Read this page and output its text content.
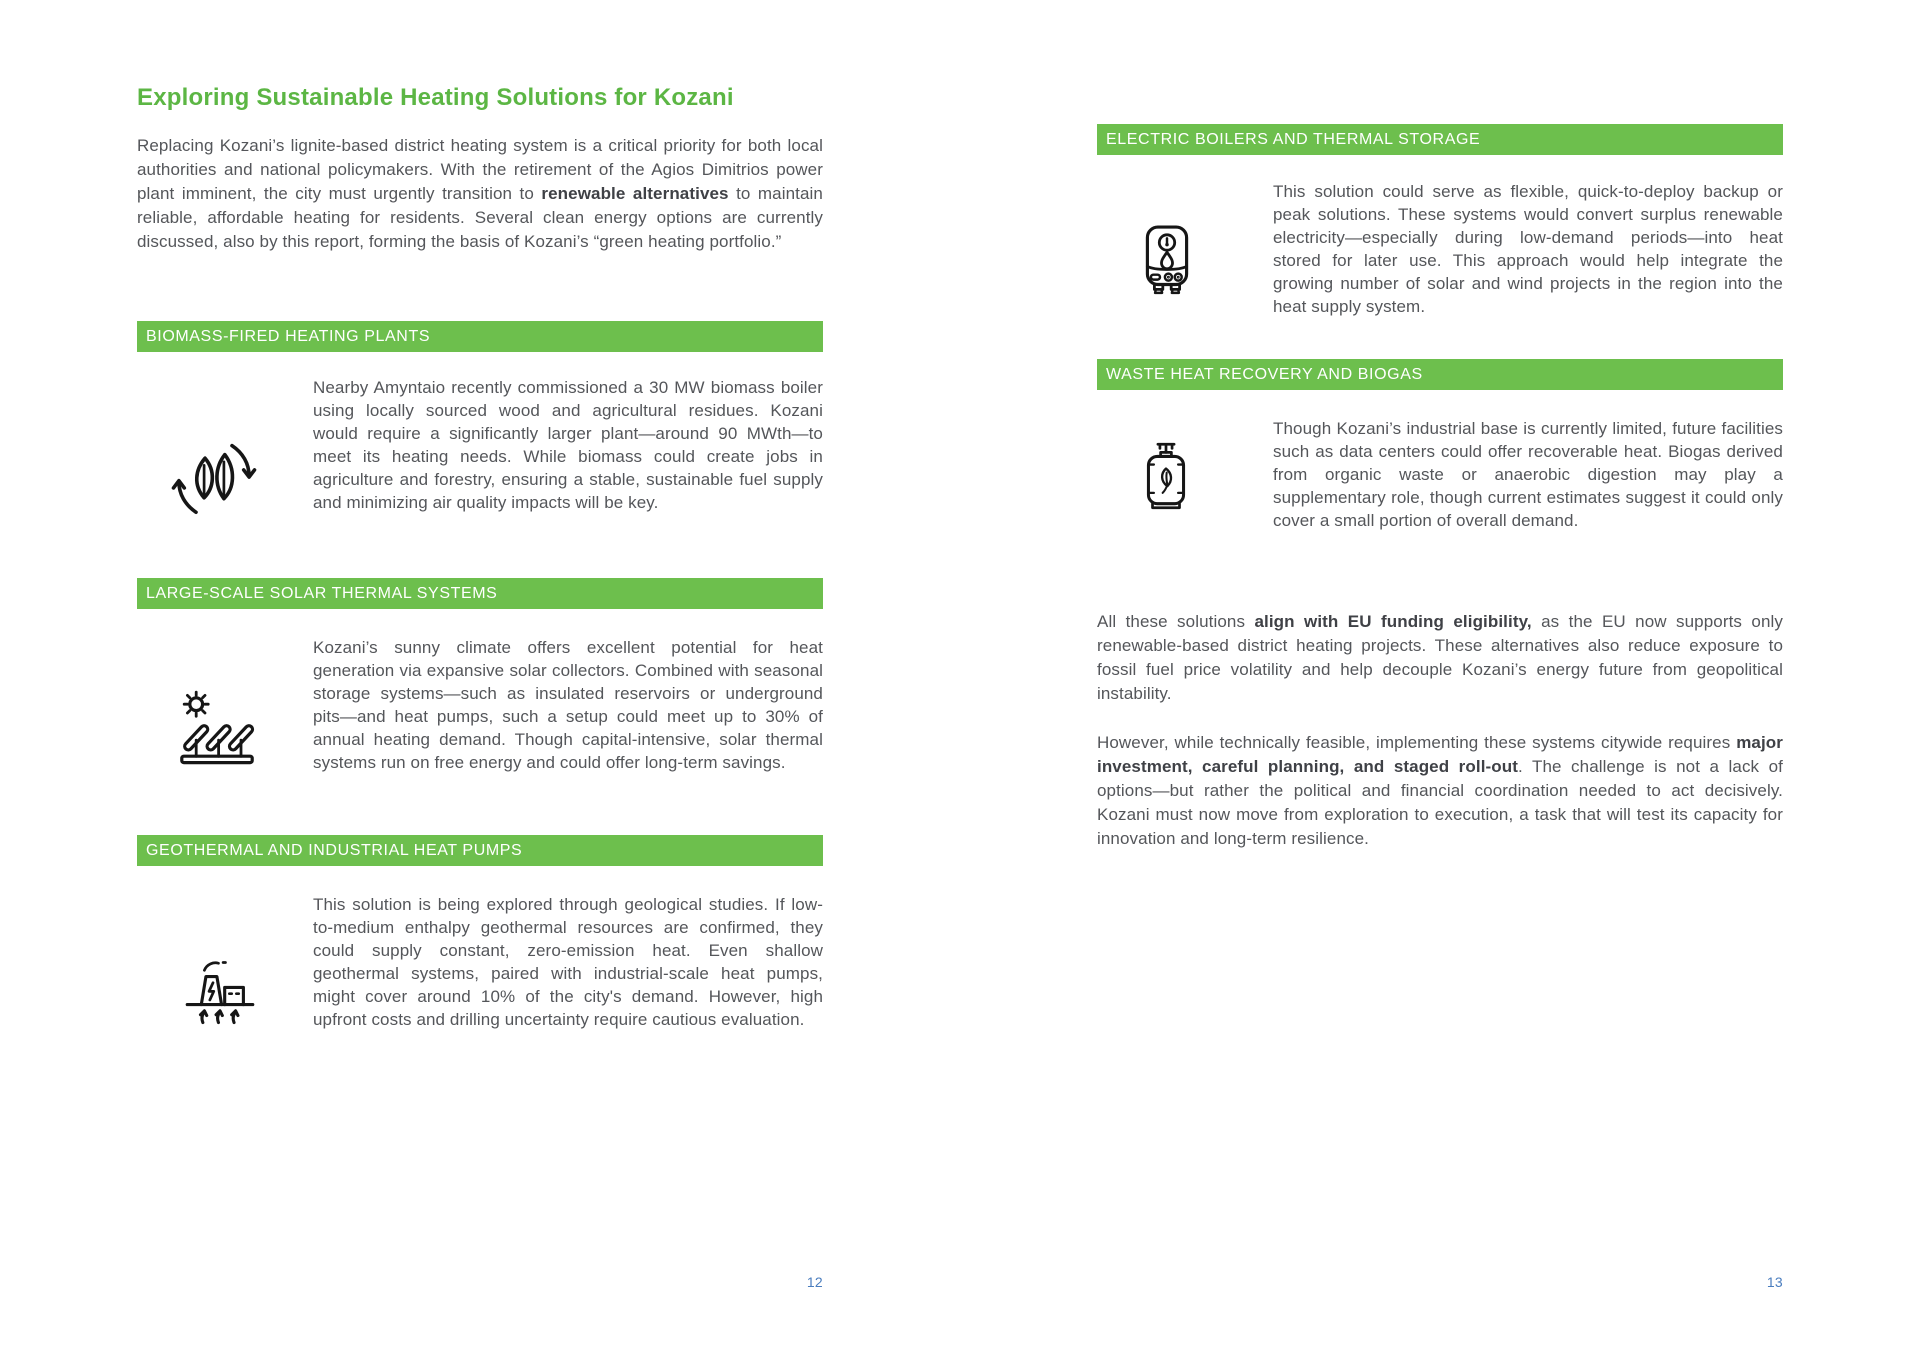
Exploring Sustainable Heating Solutions for Kozani

Replacing Kozani’s lignite-based district heating system is a critical priority for both local authorities and national policymakers. With the retirement of the Agios Dimitrios power plant imminent, the city must urgently transition to renewable alternatives to maintain reliable, affordable heating for residents. Several clean energy options are currently discussed, also by this report, forming the basis of Kozani’s “green heating portfolio.”

BIOMASS-FIRED HEATING PLANTS

Nearby Amyntaio recently commissioned a 30 MW biomass boiler using locally sourced wood and agricultural residues. Kozani would require a significantly larger plant—around 90 MWth—to meet its heating needs. While biomass could create jobs in agriculture and forestry, ensuring a stable, sustainable fuel supply and minimizing air quality impacts will be key.

LARGE-SCALE SOLAR THERMAL SYSTEMS

Kozani’s sunny climate offers excellent potential for heat generation via expansive solar collectors. Combined with seasonal storage systems—such as insulated reservoirs or underground pits—and heat pumps, such a setup could meet up to 30% of annual heating demand. Though capital-intensive, solar thermal systems run on free energy and could offer long-term savings.

GEOTHERMAL AND INDUSTRIAL HEAT PUMPS

This solution is being explored through geological studies. If low-to-medium enthalpy geothermal resources are confirmed, they could supply constant, zero-emission heat. Even shallow geothermal systems, paired with industrial-scale heat pumps, might cover around 10% of the city's demand. However, high upfront costs and drilling uncertainty require cautious evaluation.

12
ELECTRIC BOILERS AND THERMAL STORAGE

This solution could serve as flexible, quick-to-deploy backup or peak solutions. These systems would convert surplus renewable electricity—especially during low-demand periods—into heat stored for later use. This approach would help integrate the growing number of solar and wind projects in the region into the heat supply system.

WASTE HEAT RECOVERY AND BIOGAS

Though Kozani’s industrial base is currently limited, future facilities such as data centers could offer recoverable heat. Biogas derived from organic waste or anaerobic digestion may play a supplementary role, though current estimates suggest it could only cover a small portion of overall demand.

All these solutions align with EU funding eligibility, as the EU now supports only renewable-based district heating projects. These alternatives also reduce exposure to fossil fuel price volatility and help decouple Kozani’s energy future from geopolitical instability.

However, while technically feasible, implementing these systems citywide requires major investment, careful planning, and staged roll-out. The challenge is not a lack of options—but rather the political and financial coordination needed to act decisively. Kozani must now move from exploration to execution, a task that will test its capacity for innovation and long-term resilience.

13
